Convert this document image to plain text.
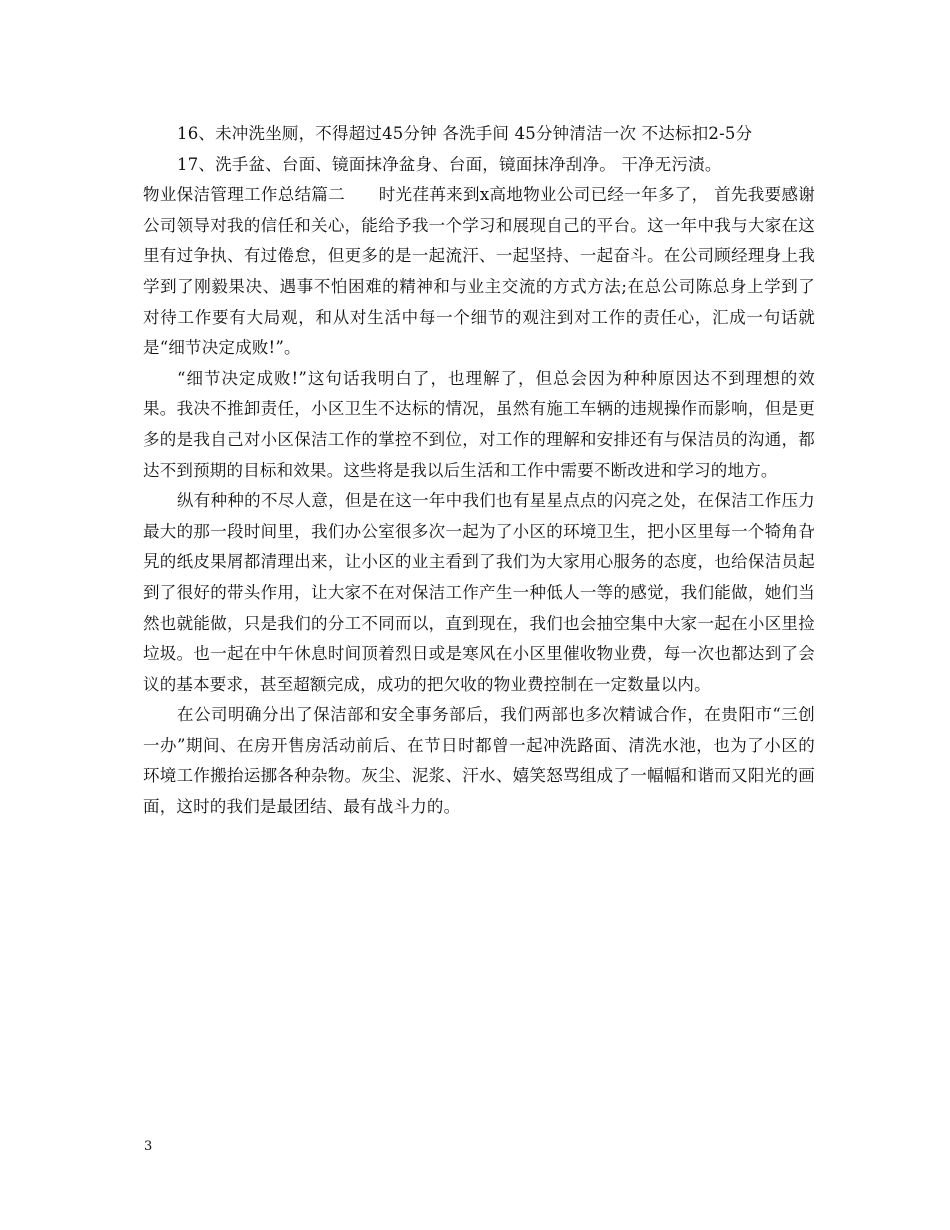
16、未冲洗坐厕，不得超过45分钟 各洗手间 45分钟清洁一次 不达标扣2-5分

17、洗手盆、台面、镜面抹净盆身、台面，镜面抹净刮净。 干净无污渍。

物业保洁管理工作总结篇二　　时光荏苒来到x高地物业公司已经一年多了， 首先我要感谢公司领导对我的信任和关心，能给予我一个学习和展现自己的平台。这一年中我与大家在这里有过争执、有过倦怠，但更多的是一起流汗、一起坚持、一起奋斗。在公司顾经理身上我学到了刚毅果决、遇事不怕困难的精神和与业主交流的方式方法;在总公司陈总身上学到了对待工作要有大局观，和从对生活中每一个细节的观注到对工作的责任心，汇成一句话就是“细节决定成败!”。

“细节决定成败!”这句话我明白了，也理解了，但总会因为种种原因达不到理想的效果。我决不推卸责任，小区卫生不达标的情况，虽然有施工车辆的违规操作而影响，但是更多的是我自己对小区保洁工作的掌控不到位，对工作的理解和安排还有与保洁员的沟通，都达不到预期的目标和效果。这些将是我以后生活和工作中需要不断改进和学习的地方。

纵有种种的不尽人意，但是在这一年中我们也有星星点点的闪亮之处，在保洁工作压力最大的那一段时间里，我们办公室很多次一起为了小区的环境卫生，把小区里每一个犄角旮旯的纸皮果屑都清理出来，让小区的业主看到了我们为大家用心服务的态度，也给保洁员起到了很好的带头作用，让大家不在对保洁工作产生一种低人一等的感觉，我们能做，她们当然也就能做，只是我们的分工不同而以，直到现在，我们也会抽空集中大家一起在小区里捡垃圾。也一起在中午休息时间顶着烈日或是寒风在小区里催收物业费，每一次也都达到了会议的基本要求，甚至超额完成，成功的把欠收的物业费控制在一定数量以内。

在公司明确分出了保洁部和安全事务部后，我们两部也多次精诚合作，在贵阳市“三创一办”期间、在房开售房活动前后、在节日时都曾一起冲洗路面、清洗水池，也为了小区的环境工作搬抬运挪各种杂物。灰尘、泥浆、汗水、嬉笑怒骂组成了一幅幅和谐而又阳光的画面，这时的我们是最团结、最有战斗力的。

3
